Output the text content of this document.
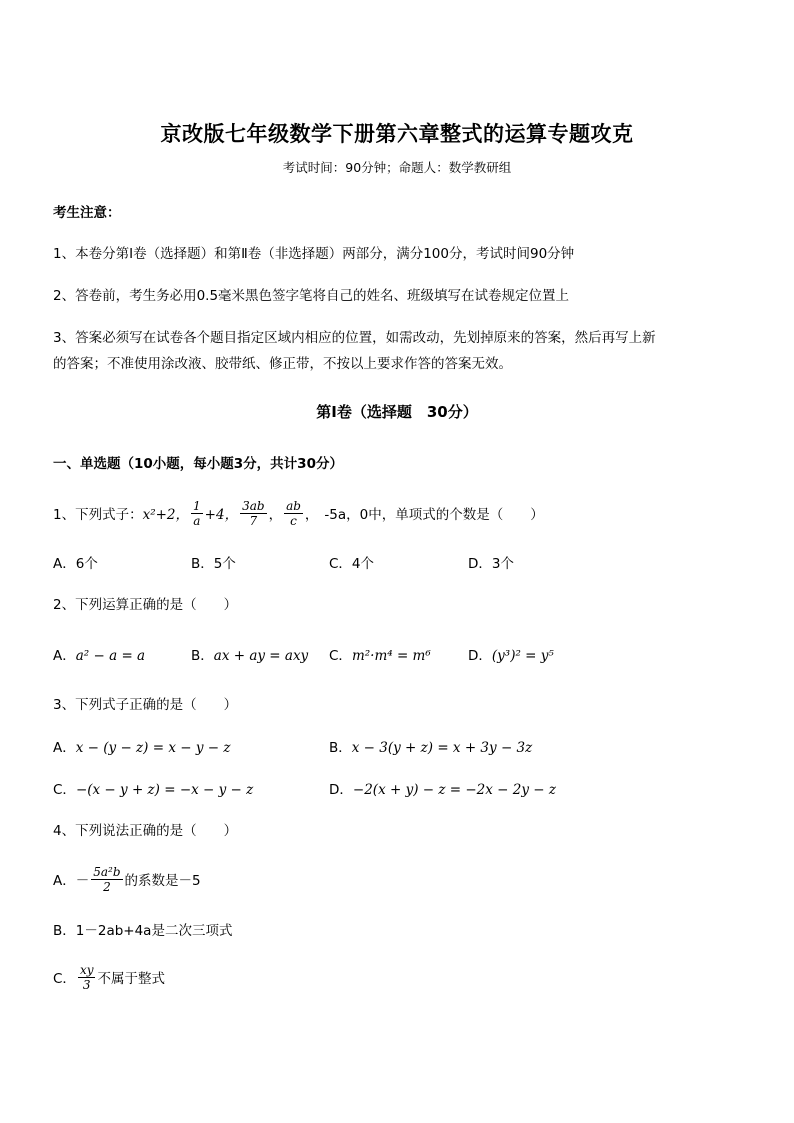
京改版七年级数学下册第六章整式的运算专题攻克
考试时间：90分钟；命题人：数学教研组
考生注意：
1、本卷分第Ⅰ卷（选择题）和第Ⅱ卷（非选择题）两部分，满分100分，考试时间90分钟
2、答卷前，考生务必用0.5毫米黑色签字笔将自己的姓名、班级填写在试卷规定位置上
3、答案必须写在试卷各个题目指定区域内相应的位置，如需改动，先划掉原来的答案，然后再写上新
的答案；不准使用涂改液、胶带纸、修正带，不按以上要求作答的答案无效。
第Ⅰ卷（选择题　30分）
一、单选题（10小题，每小题3分，共计30分）
1、下列式子： x²+2， $\frac{1}{a} +4$， $\frac{3ab}{7}$ ， $\frac{ab}{c}$ ， -5a，0中，单项式的个数是（　　）
A．6个	B．5个	C．4个	D．3个
2、下列运算正确的是（　　）
A．a² − a = a	B．ax + ay = axy C．m²·m⁴ = m⁶	D．(y³)² = y⁵
3、下列式子正确的是（　　）
A．x − (y − z) = x − y − z	B．x − 3(y + z) = x + 3y − 3z
C．−(x − y + z) = −x − y − z	D．−2(x + y) − z = −2x − 2y − z
4、下列说法正确的是（　　）
A．－ $\frac{\text{5a²b}}{2}$ 的系数是－5
B．1－2ab+4a是二次三项式
C． $\frac{xy}{3}$ 不属于整式
